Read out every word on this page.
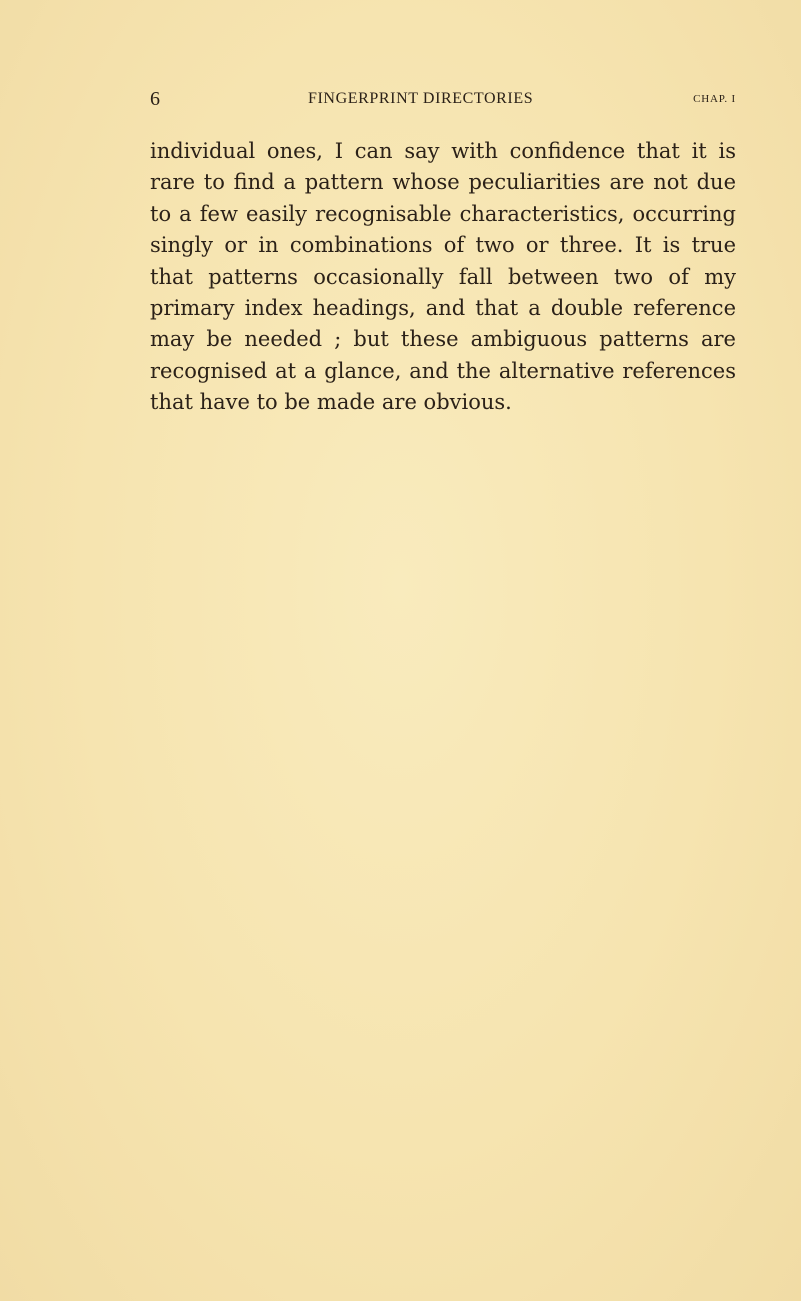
6	FINGERPRINT DIRECTORIES	CHAP. I
individual ones, I can say with confidence that it is
rare to find a pattern whose peculiarities are not due
to a few easily recognisable characteristics, occurring
singly or in combinations of two or three. It is true
that patterns occasionally fall between two of my
primary index headings, and that a double reference
may be needed ; but these ambiguous patterns are
recognised at a glance, and the alternative references
that have to be made are obvious.
